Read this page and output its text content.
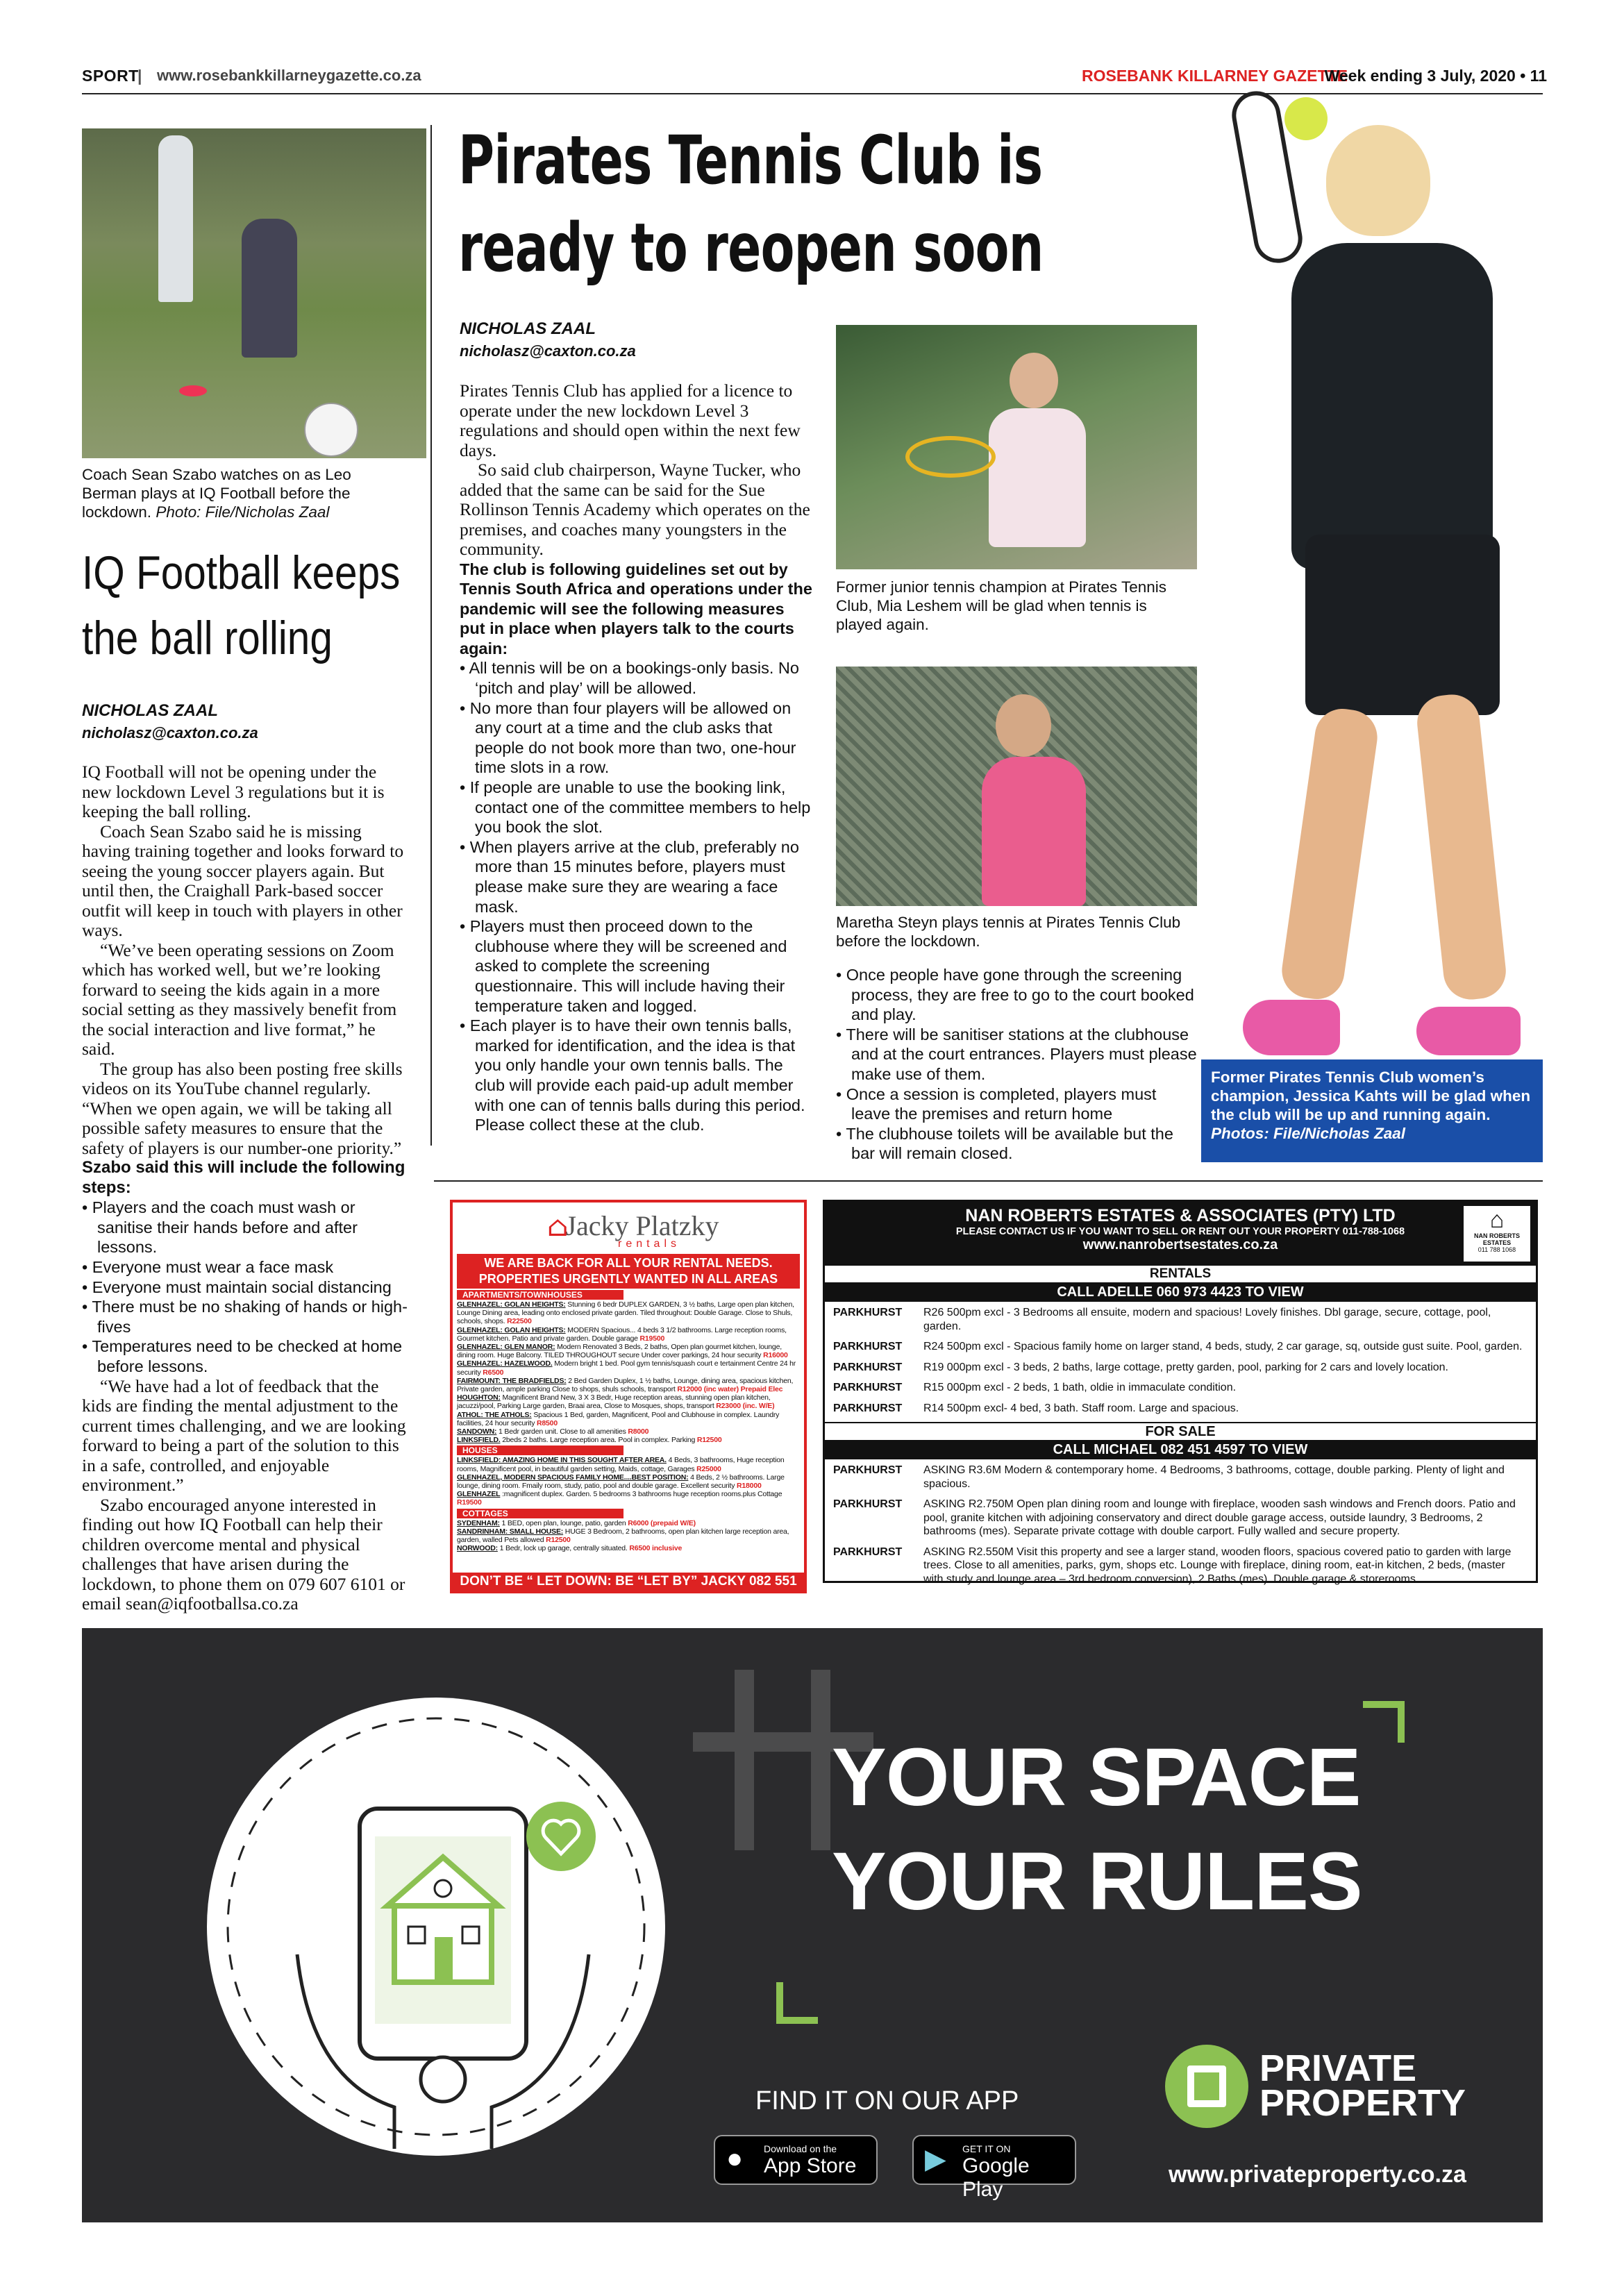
SPORT
| www.rosebankkillarneygazette.co.za	ROSEBANK KILLARNEY GAZETTE
Week ending 3 July, 2020 • 11
Coach Sean Szabo watches on as Leo Berman plays at IQ Football before the lockdown. Photo: File/Nicholas Zaal
IQ Football keeps
the ball rolling
NICHOLAS ZAAL
nicholasz@caxton.co.za

IQ Football will not be opening under the new lockdown Level 3 regulations but it is keeping the ball rolling.

Coach Sean Szabo said he is missing having training together and looks forward to seeing the young soccer players again. But until then, the Craighall Park-based soccer outfit will keep in touch with players in other ways.

“We’ve been operating sessions on Zoom which has worked well, but we’re looking forward to seeing the kids again in a more social setting as they massively benefit from the social interaction and live format,” he said.

The group has also been posting free skills videos on its YouTube channel regularly. “When we open again, we will be taking all possible safety measures to ensure that the safety of players is our number-one priority.”

Szabo said this will include the following steps:
• Players and the coach must wash or sanitise their hands before and after lessons.
• Everyone must wear a face mask
• Everyone must maintain social distancing
• There must be no shaking of hands or high-fives
• Temperatures need to be checked at home before lessons.

“We have had a lot of feedback that the kids are finding the mental adjustment to the current times challenging, and we are looking forward to being a part of the solution to this in a safe, controlled, and enjoyable environment.”

Szabo encouraged anyone interested in finding out how IQ Football can help their children overcome mental and physical challenges that have arisen during the lockdown, to phone them on 079 607 6101 or email sean@iqfootballsa.co.za

Pirates Tennis Club is
ready to reopen soon
NICHOLAS ZAAL
nicholasz@caxton.co.za

Pirates Tennis Club has applied for a licence to operate under the new lockdown Level 3 regulations and should open within the next few days.

So said club chairperson, Wayne Tucker, who added that the same can be said for the Sue Rollinson Tennis Academy which operates on the premises, and coaches many youngsters in the community.

The club is following guidelines set out by Tennis South Africa and operations under the pandemic will see the following measures put in place when players talk to the courts again:
• All tennis will be on a bookings-only basis. No ‘pitch and play’ will be allowed.
• No more than four players will be allowed on any court at a time and the club asks that people do not book more than two, one-hour time slots in a row.
• If people are unable to use the booking link, contact one of the committee members to help you book the slot.
• When players arrive at the club, preferably no more than 15 minutes before, players must please make sure they are wearing a face mask.
• Players must then proceed down to the clubhouse where they will be screened and asked to complete the screening questionnaire. This will include having their temperature taken and logged.
• Each player is to have their own tennis balls, marked for identification, and the idea is that you only handle your own tennis balls. The club will provide each paid-up adult member with one can of tennis balls during this period. Please collect these at the club.
Former junior tennis champion at Pirates Tennis Club, Mia Leshem will be glad when tennis is played again.
Maretha Steyn plays tennis at Pirates Tennis Club before the lockdown.
• Once people have gone through the screening process, they are free to go to the court booked and play.
• There will be sanitiser stations at the clubhouse and at the court entrances. Players must please make use of them.
• Once a session is completed, players must leave the premises and return home
• The clubhouse toilets will be available but the bar will remain closed.
Former Pirates Tennis Club women’s champion, Jessica Kahts will be glad when the club will be up and running again. Photos: File/Nicholas Zaal
⌂
Jacky Platzky
rentals
WE ARE BACK FOR ALL YOUR RENTAL NEEDS.
PROPERTIES URGENTLY WANTED IN ALL AREAS
APARTMENTS/TOWNHOUSES
GLENHAZEL: GOLAN HEIGHTS: Stunning 6 bedr DUPLEX GARDEN, 3 ½ baths, Large open plan kitchen, Lounge Dining area, leading onto enclosed private garden. Tiled throughout: Double Garage. Close to Shuls, schools, shops. R22500
GLENHAZEL: GOLAN HEIGHTS: MODERN Spacious... 4 beds 3 1/2 bathrooms. Large reception rooms, Gourmet kitchen. Patio and private garden. Double garage R19500
GLENHAZEL: GLEN MANOR: Modern Renovated 3 Beds, 2 baths, Open plan gourmet kitchen, lounge, dining room. Huge Balcony. TILED THROUGHOUT secure Under cover parkings, 24 hour security R16000
GLENHAZEL: HAZELWOOD. Modern bright 1 bed. Pool gym tennis/squash court e tertainment Centre 24 hr security R6500
FAIRMOUNT: THE BRADFIELDS: 2 Bed Garden Duplex, 1 ½ baths, Lounge, dining area, spacious kitchen, Private garden, ample parking Close to shops, shuls schools, transport R12000 (inc water) Prepaid Elec
HOUGHTON: Magnificent Brand New, 3 X 3 Bedr, Huge reception areas, stunning open plan kitchen, jacuzzi/pool, Parking Large garden, Braai area, Close to Mosques, shops, transport R23000 (inc. W/E)
ATHOL: THE ATHOLS: Spacious 1 Bed, garden, Magnificent, Pool and Clubhouse in complex. Laundry facilities, 24 hour security R8500
SANDOWN: 1 Bedr garden unit. Close to all amenities R8000
LINKSFIELD. 2beds 2 baths. Large reception area. Pool in complex. Parking R12500
HOUSES
LINKSFIELD: AMAZING HOME IN THIS SOUGHT AFTER AREA. 4 Beds, 3 bathrooms, Huge reception rooms, Magnificent pool, in beautiful garden setting, Maids, cottage, Garages R25000
GLENHAZEL, MODERN SPACIOUS FAMILY HOME....BEST POSITION: 4 Beds, 2 ½ bathrooms. Large lounge, dining room. Fmaily room, study, patio, pool and double garage. Excellent security R18000
GLENHAZEL :magnificent duplex. Garden. 5 bedrooms 3 bathrooms huge reception rooms.plus Cottage R19500
COTTAGES
SYDENHAM: 1 BED, open plan, lounge, patio, garden R6000 (prepaid W/E)
SANDRINHAM: SMALL HOUSE: HUGE 3 Bedroom, 2 bathrooms, open plan kitchen large reception area, garden, walled Pets allowed R12500
NORWOOD: 1 Bedr, lock up garage, centrally situated. R6500 inclusive
DON’T BE “ LET DOWN: BE “LET BY” JACKY 082 551 8682
NAN ROBERTS ESTATES & ASSOCIATES (PTY) LTD
PLEASE CONTACT US IF YOU WANT TO SELL OR RENT OUT YOUR PROPERTY 011-788-1068
www.nanrobertsestates.co.za
⌂
NAN ROBERTS ESTATES
011 788 1068
RENTALS
CALL ADELLE 060 973 4423 TO VIEW
PARKHURST	R26 500pm excl - 3 Bedrooms all ensuite, modern and spacious! Lovely finishes. Dbl garage, secure, cottage, pool, garden.
PARKHURST	R24 500pm excl - Spacious family home on larger stand, 4 beds, study, 2 car garage, sq, outside gust suite. Pool, garden.
PARKHURST	R19 000pm excl - 3 beds, 2 baths, large cottage, pretty garden, pool, parking for 2 cars and lovely location.
PARKHURST	R15 000pm excl - 2 beds, 1 bath, oldie in immaculate condition.
PARKHURST	R14 500pm excl- 4 bed, 3 bath. Staff room. Large and spacious.
FOR SALE
CALL MICHAEL 082 451 4597 TO VIEW
PARKHURST	ASKING R3.6M Modern & contemporary home. 4 Bedrooms, 3 bathrooms, cottage, double parking. Plenty of light and spacious.
PARKHURST	ASKING R2.750M Open plan dining room and lounge with fireplace, wooden sash windows and French doors. Patio and pool, granite kitchen with adjoining conservatory and direct double garage access, outside laundry, 3 Bedrooms, 2 bathrooms (mes). Separate private cottage with double carport. Fully walled and secure property.
PARKHURST	ASKING R2.550M Visit this property and see a larger stand, wooden floors, spacious covered patio to garden with large trees. Close to all amenities, parks, gym, shops etc. Lounge with fireplace, dining room, eat-in kitchen, 2 beds, (master with study and lounge area – 3rd bedroom conversion), 2 Baths (mes). Double garage & storerooms.
YOUR SPACE
YOUR RULES
FIND IT ON OUR APP
● Download on the
App Store ▶ GET IT ON
Google Play
PRIVATE
PROPERTY
www.privateproperty.co.za
